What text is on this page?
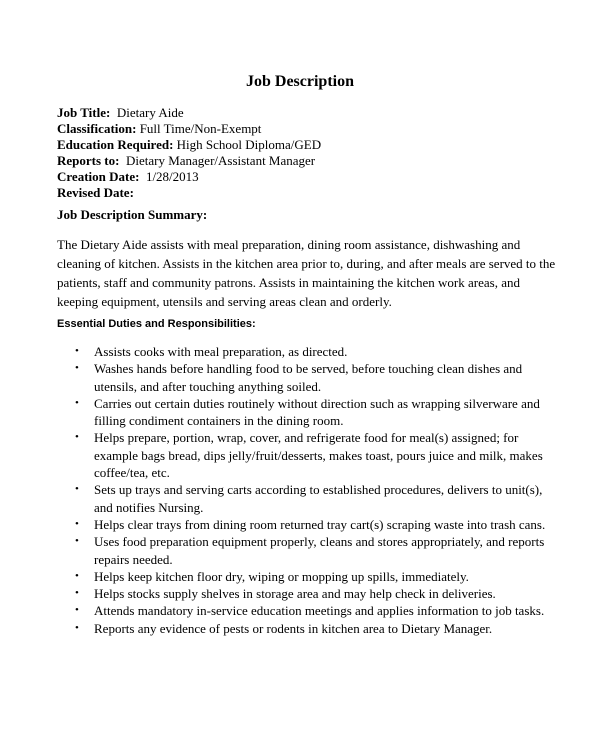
Job Description
Job Title:  Dietary Aide
Classification: Full Time/Non-Exempt
Education Required: High School Diploma/GED
Reports to:  Dietary Manager/Assistant Manager
Creation Date:  1/28/2013
Revised Date:
Job Description Summary:
The Dietary Aide assists with meal preparation, dining room assistance, dishwashing and
cleaning of kitchen. Assists in the kitchen area prior to, during, and after meals are served to the
patients, staff and community patrons. Assists in maintaining the kitchen work areas, and
keeping equipment, utensils and serving areas clean and orderly.
Essential Duties and Responsibilities:
• Assists cooks with meal preparation, as directed.
• Washes hands before handling food to be served, before touching clean dishes and
utensils, and after touching anything soiled.
• Carries out certain duties routinely without direction such as wrapping silverware and
filling condiment containers in the dining room.
• Helps prepare, portion, wrap, cover, and refrigerate food for meal(s) assigned; for
example bags bread, dips jelly/fruit/desserts, makes toast, pours juice and milk, makes
coffee/tea, etc.
• Sets up trays and serving carts according to established procedures, delivers to unit(s),
and notifies Nursing.
• Helps clear trays from dining room returned tray cart(s) scraping waste into trash cans.
• Uses food preparation equipment properly, cleans and stores appropriately, and reports
repairs needed.
• Helps keep kitchen floor dry, wiping or mopping up spills, immediately.
• Helps stocks supply shelves in storage area and may help check in deliveries.
• Attends mandatory in-service education meetings and applies information to job tasks.
• Reports any evidence of pests or rodents in kitchen area to Dietary Manager.
